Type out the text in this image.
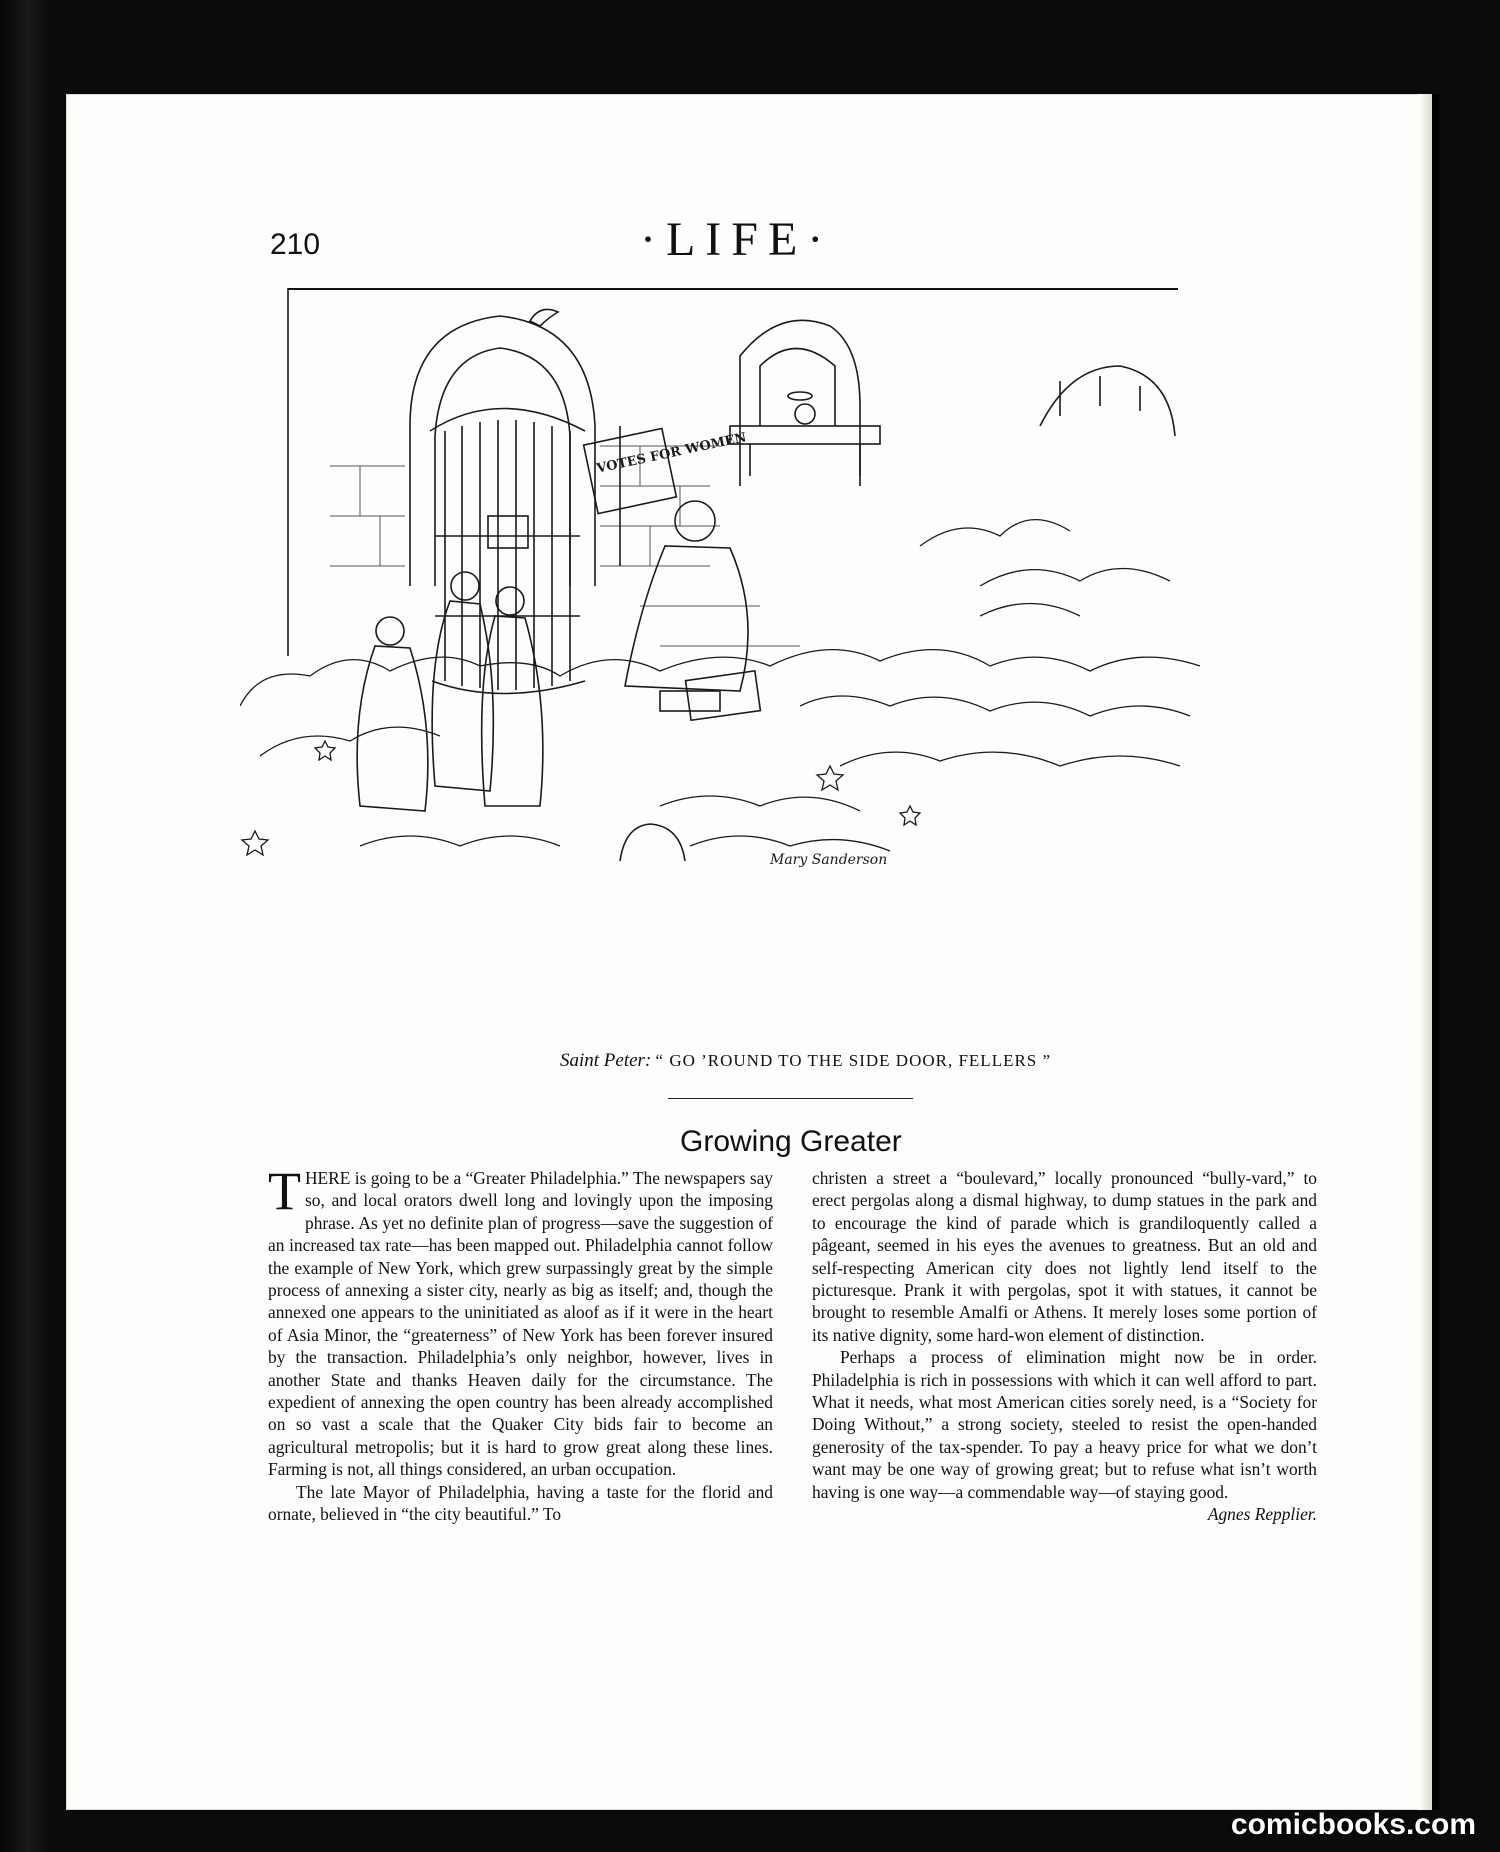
210	·LIFE·
VOTES FOR WOMEN
Mary Sanderson
Saint Peter: “ GO ’ROUND TO THE SIDE DOOR, FELLERS ”
Growing Greater

THERE is going to be a “Greater Philadelphia.” The newspapers say so, and local orators dwell long and lovingly upon the imposing phrase. As yet no definite plan of progress—save the suggestion of an increased tax rate—has been mapped out. Philadelphia cannot follow the example of New York, which grew surpassingly great by the simple process of annexing a sister city, nearly as big as itself; and, though the annexed one appears to the uninitiated as aloof as if it were in the heart of Asia Minor, the “greaterness” of New York has been forever insured by the transaction. Philadelphia’s only neighbor, however, lives in another State and thanks Heaven daily for the circumstance. The expedient of annexing the open country has been already accomplished on so vast a scale that the Quaker City bids fair to become an agricultural metropolis; but it is hard to grow great along these lines. Farming is not, all things considered, an urban occupation.

The late Mayor of Philadelphia, having a taste for the florid and ornate, believed in “the city beautiful.” To

christen a street a “boulevard,” locally pronounced “bully-vard,” to erect pergolas along a dismal highway, to dump statues in the park and to encourage the kind of parade which is grandiloquently called a pâgeant, seemed in his eyes the avenues to greatness. But an old and self-respecting American city does not lightly lend itself to the picturesque. Prank it with pergolas, spot it with statues, it cannot be brought to resemble Amalfi or Athens. It merely loses some portion of its native dignity, some hard-won element of distinction.

Perhaps a process of elimination might now be in order. Philadelphia is rich in possessions with which it can well afford to part. What it needs, what most American cities sorely need, is a “Society for Doing Without,” a strong society, steeled to resist the open-handed generosity of the tax-spender. To pay a heavy price for what we don’t want may be one way of growing great; but to refuse what isn’t worth having is one way—a commendable way—of staying good.
Agnes Repplier.

comicbooks.com
